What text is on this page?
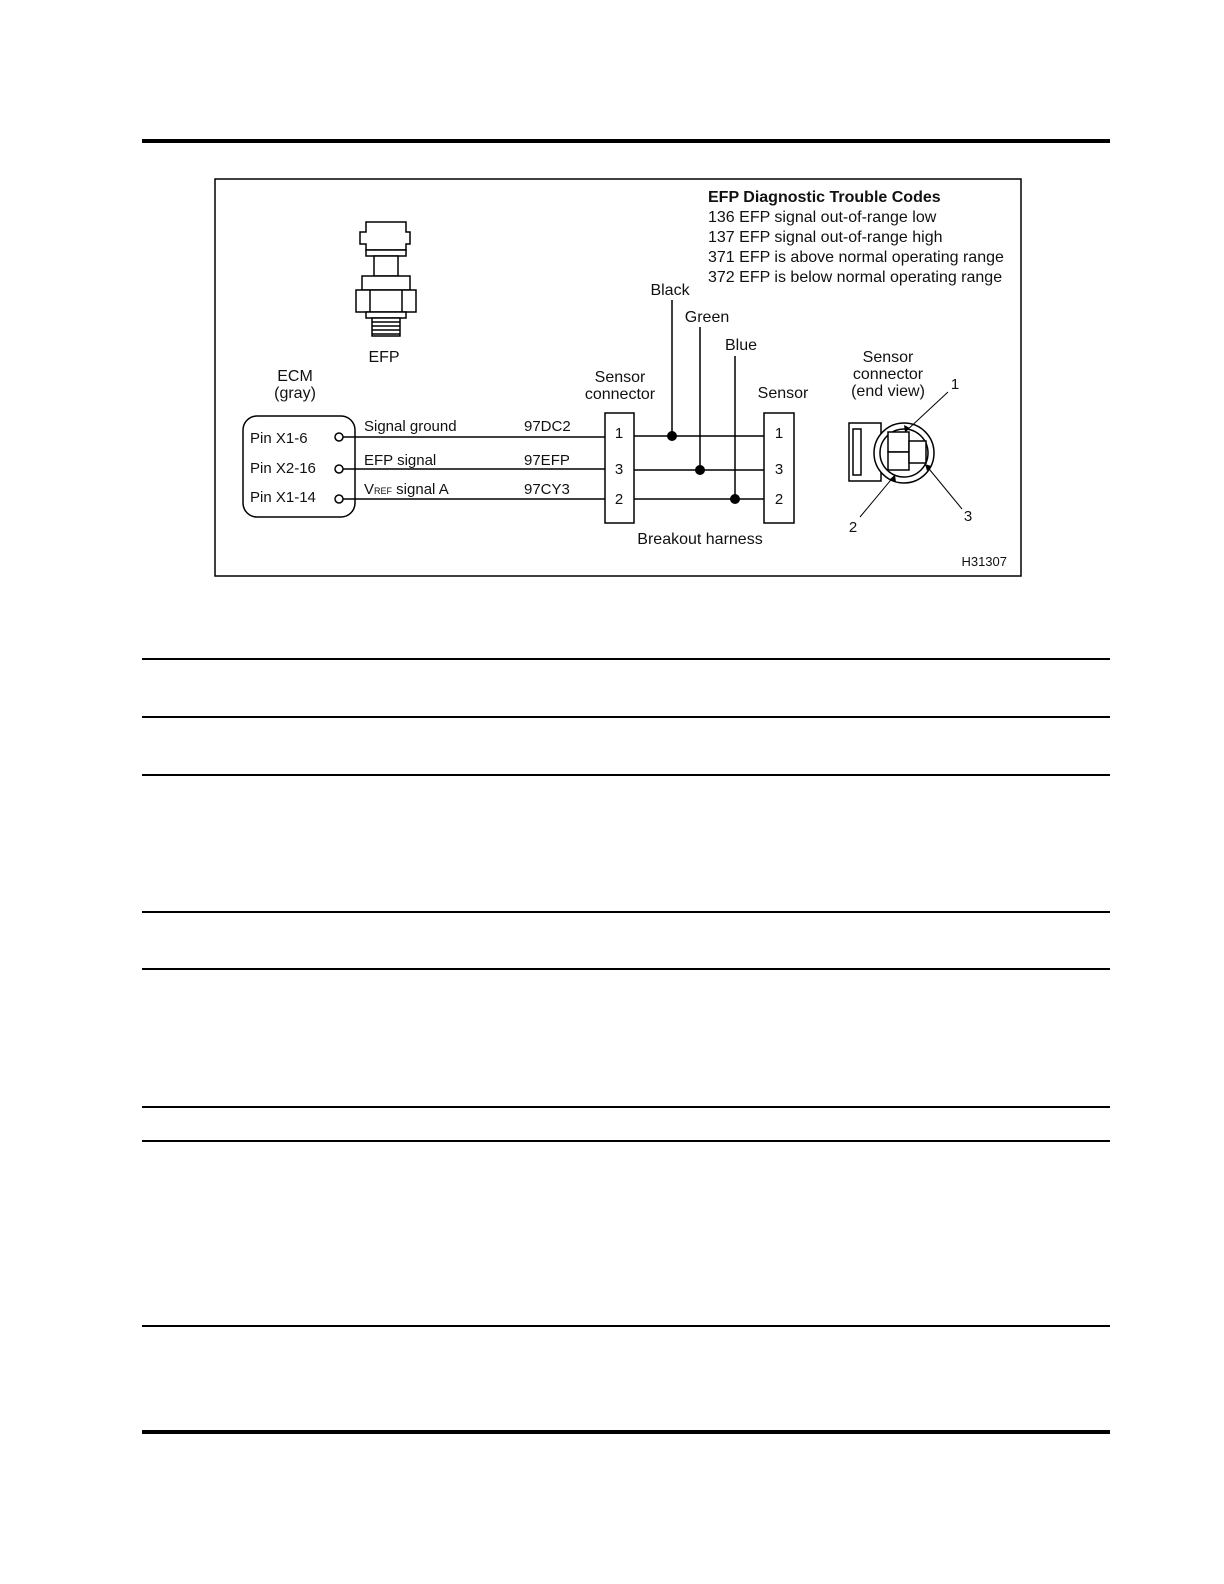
EFP Diagnostic Trouble Codes
136 EFP signal out-of-range low
137 EFP signal out-of-range high
371 EFP is above normal operating range
372 EFP is below normal operating range
EFP
ECM
(gray)
Pin X1-6
Pin X2-16
Pin X1-14
Signal ground
EFP signal
VREF signal A
97DC2
97EFP
97CY3
Sensor
connector
1
3
2
Black
Green
Blue
Sensor
1
3
2
Breakout harness
Sensor
connector
(end view) 1
2
3
H31307
